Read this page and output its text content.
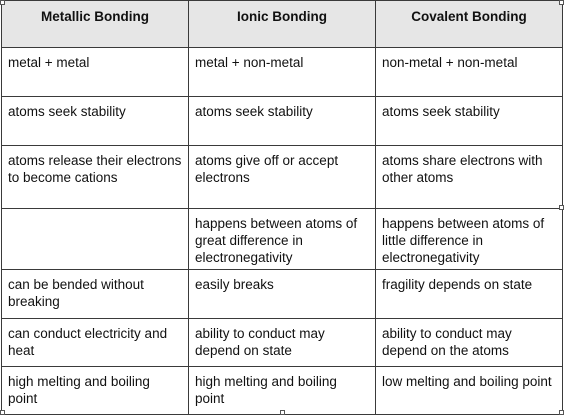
Metallic Bonding	Ionic Bonding	Covalent Bonding
metal + metal	metal + non-metal	non-metal + non-metal
atoms seek stability	atoms seek stability	atoms seek stability
atoms release their electrons to become cations	atoms give off or accept electrons	atoms share electrons with other atoms
	happens between atoms of great difference in electronegativity	happens between atoms of little difference in electronegativity
can be bended without breaking	easily breaks	fragility depends on state
can conduct electricity and heat	ability to conduct may depend on state	ability to conduct may depend on the atoms
high melting and boiling point	high melting and boiling point	low melting and boiling point
